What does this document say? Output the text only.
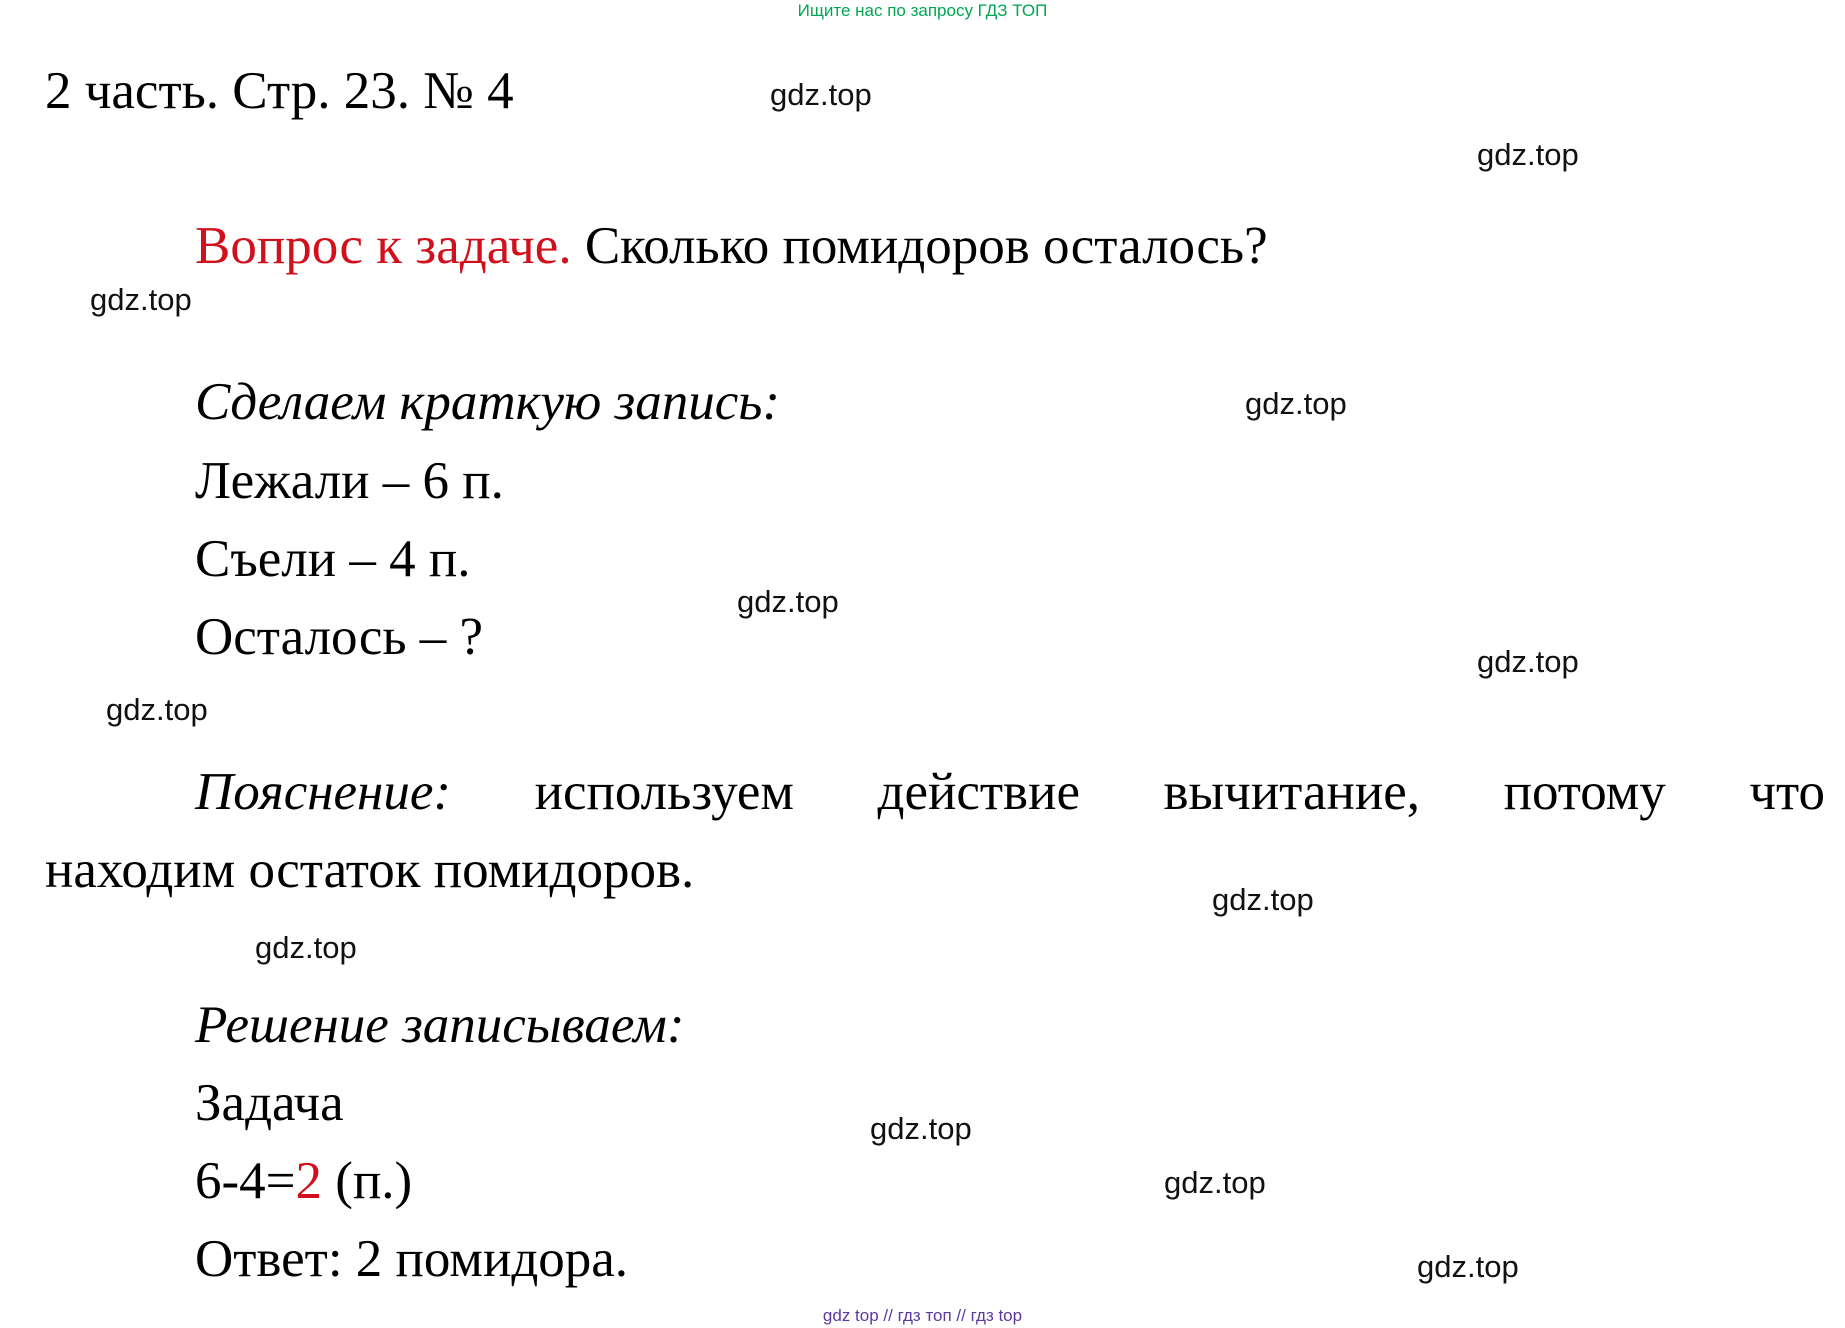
Ищите нас по запросу ГДЗ ТОП
2 часть. Стр. 23. № 4
Вопрос к задаче. Сколько помидоров осталось?
Сделаем краткую запись:
Лежали – 6 п.
Съели – 4 п.
Осталось – ?
Пояснение: используем действие вычитание, потому что
находим остаток помидоров.
Решение записываем:
Задача
6-4=2 (п.)
Ответ: 2 помидора.
gdz.top
gdz.top
gdz.top
gdz.top
gdz.top
gdz.top
gdz.top
gdz.top
gdz.top
gdz.top
gdz.top
gdz.top
gdz top // гдз топ // гдз top
